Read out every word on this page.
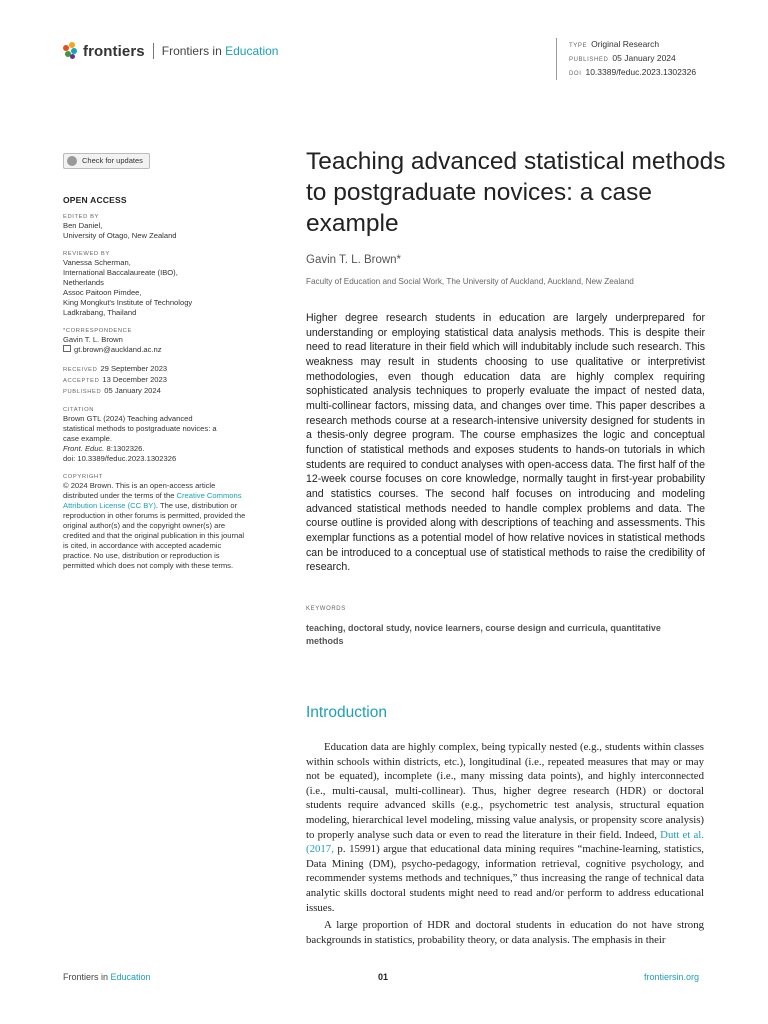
frontiers Frontiers in Education	TYPE Original Research
PUBLISHED 05 January 2024
DOI 10.3389/feduc.2023.1302326
Check for updates
OPEN ACCESS
EDITED BY
Ben Daniel,
University of Otago, New Zealand
REVIEWED BY
Vanessa Scherman,
International Baccalaureate (IBO),
Netherlands
Assoc Paitoon Pimdee,
King Mongkut's Institute of Technology
Ladkrabang, Thailand
*CORRESPONDENCE
Gavin T. L. Brown
gt.brown@auckland.ac.nz
RECEIVED 29 September 2023
ACCEPTED 13 December 2023
PUBLISHED 05 January 2024
CITATION
Brown GTL (2024) Teaching advanced
statistical methods to postgraduate novices: a
case example.
Front. Educ. 8:1302326.
doi: 10.3389/feduc.2023.1302326
COPYRIGHT
© 2024 Brown. This is an open-access article distributed under the terms of the Creative Commons Attribution License (CC BY). The use, distribution or reproduction in other forums is permitted, provided the original author(s) and the copyright owner(s) are credited and that the original publication in this journal is cited, in accordance with accepted academic practice. No use, distribution or reproduction is permitted which does not comply with these terms.
Teaching advanced statistical methods to postgraduate novices: a case example
Gavin T. L. Brown*
Faculty of Education and Social Work, The University of Auckland, Auckland, New Zealand
Higher degree research students in education are largely underprepared for understanding or employing statistical data analysis methods. This is despite their need to read literature in their field which will indubitably include such research. This weakness may result in students choosing to use qualitative or interpretivist methodologies, even though education data are highly complex requiring sophisticated analysis techniques to properly evaluate the impact of nested data, multi-collinear factors, missing data, and changes over time. This paper describes a research methods course at a research-intensive university designed for students in a thesis-only degree program. The course emphasizes the logic and conceptual function of statistical methods and exposes students to hands-on tutorials in which students are required to conduct analyses with open-access data. The first half of the 12-week course focuses on core knowledge, normally taught in first-year probability and statistics courses. The second half focuses on introducing and modeling advanced statistical methods needed to handle complex problems and data. The course outline is provided along with descriptions of teaching and assessments. This exemplar functions as a potential model of how relative novices in statistical methods can be introduced to a conceptual use of statistical methods to raise the credibility of research.
KEYWORDS
teaching, doctoral study, novice learners, course design and curricula, quantitative methods
Introduction

Education data are highly complex, being typically nested (e.g., students within classes within schools within districts, etc.), longitudinal (i.e., repeated measures that may or may not be equated), incomplete (i.e., many missing data points), and highly interconnected (i.e., multi-causal, multi-collinear). Thus, higher degree research (HDR) or doctoral students require advanced skills (e.g., psychometric test analysis, structural equation modeling, hierarchical level modeling, missing value analysis, or propensity score analysis) to properly analyse such data or even to read the literature in their field. Indeed, Dutt et al. (2017, p. 15991) argue that educational data mining requires “machine-learning, statistics, Data Mining (DM), psycho-pedagogy, information retrieval, cognitive psychology, and recommender systems methods and techniques,” thus increasing the range of technical data analytic skills doctoral students might need to read and/or perform to address educational issues.

A large proportion of HDR and doctoral students in education do not have strong backgrounds in statistics, probability theory, or data analysis. The emphasis in their

Frontiers in Education	01	frontiersin.org
